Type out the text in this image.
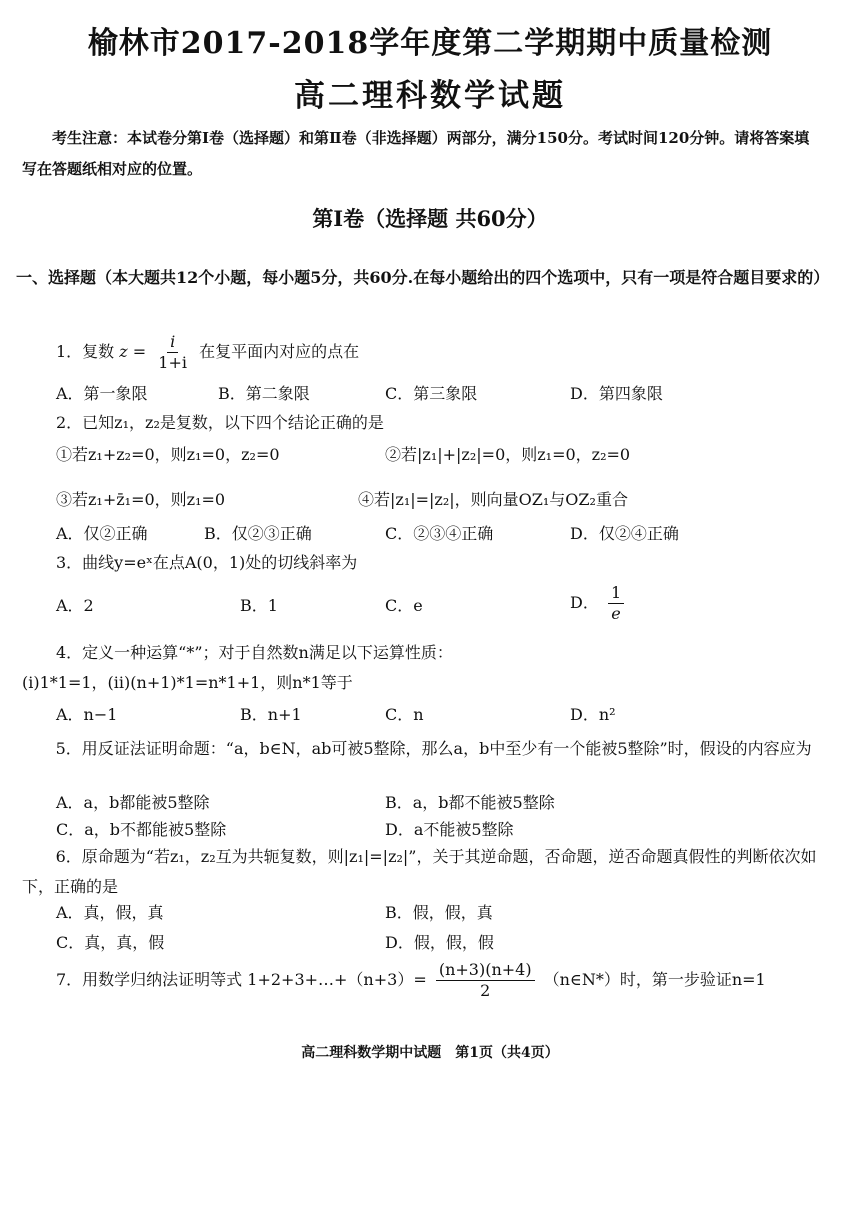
榆林市2017-2018学年度第二学期期中质量检测
高二理科数学试题
考生注意：本试卷分第Ⅰ卷（选择题）和第Ⅱ卷（非选择题）两部分，满分150分。考试时间120分钟。请将答案填写在答题纸相对应的位置。
第Ⅰ卷（选择题 共60分）
一、选择题（本大题共12个小题，每小题5分，共60分.在每小题给出的四个选项中，只有一项是符合题目要求的）
1．复数 $z = \frac{i}{1+i}$ 在复平面内对应的点在
A．第一象限	B．第二象限	C．第三象限	D．第四象限
2．已知z₁，z₂是复数，以下四个结论正确的是
①若z₁+z₂=0，则z₁=0，z₂=0	②若|z₁|+|z₂|=0，则z₁=0，z₂=0
③若z₁+z̄₁=0，则z₁=0	④若|z₁|=|z₂|，则向量OZ₁与OZ₂重合
A．仅②正确	B．仅②③正确	C．②③④正确	D．仅②④正确
3．曲线y=eˣ在点A(0，1)处的切线斜率为
A．2	B．1	C．e	D． $\frac{1}{e}$
4．定义一种运算“*”；对于自然数n满足以下运算性质：
(i)1*1=1，(ii)(n+1)*1=n*1+1，则n*1等于
A．n−1	B．n+1	C．n	D．n²
5．用反证法证明命题：“a，b∈N，ab可被5整除，那么a，b中至少有一个能被5整除”时，假设的内容应为
A．a，b都能被5整除	B．a，b都不能被5整除
C．a，b不都能被5整除	D．a不能被5整除
6．原命题为“若z₁，z₂互为共轭复数，则|z₁|=|z₂|”，关于其逆命题，否命题，逆否命题真假性的判断依次如下，正确的是
A．真，假，真	B．假，假，真
C．真，真，假	D．假，假，假
7．用数学归纳法证明等式 1+2+3+…+（n+3）= $\frac{(n+3)(n+4)}{2}$ （n∈N*）时，第一步验证n=1
高二理科数学期中试题　第1页（共4页）
